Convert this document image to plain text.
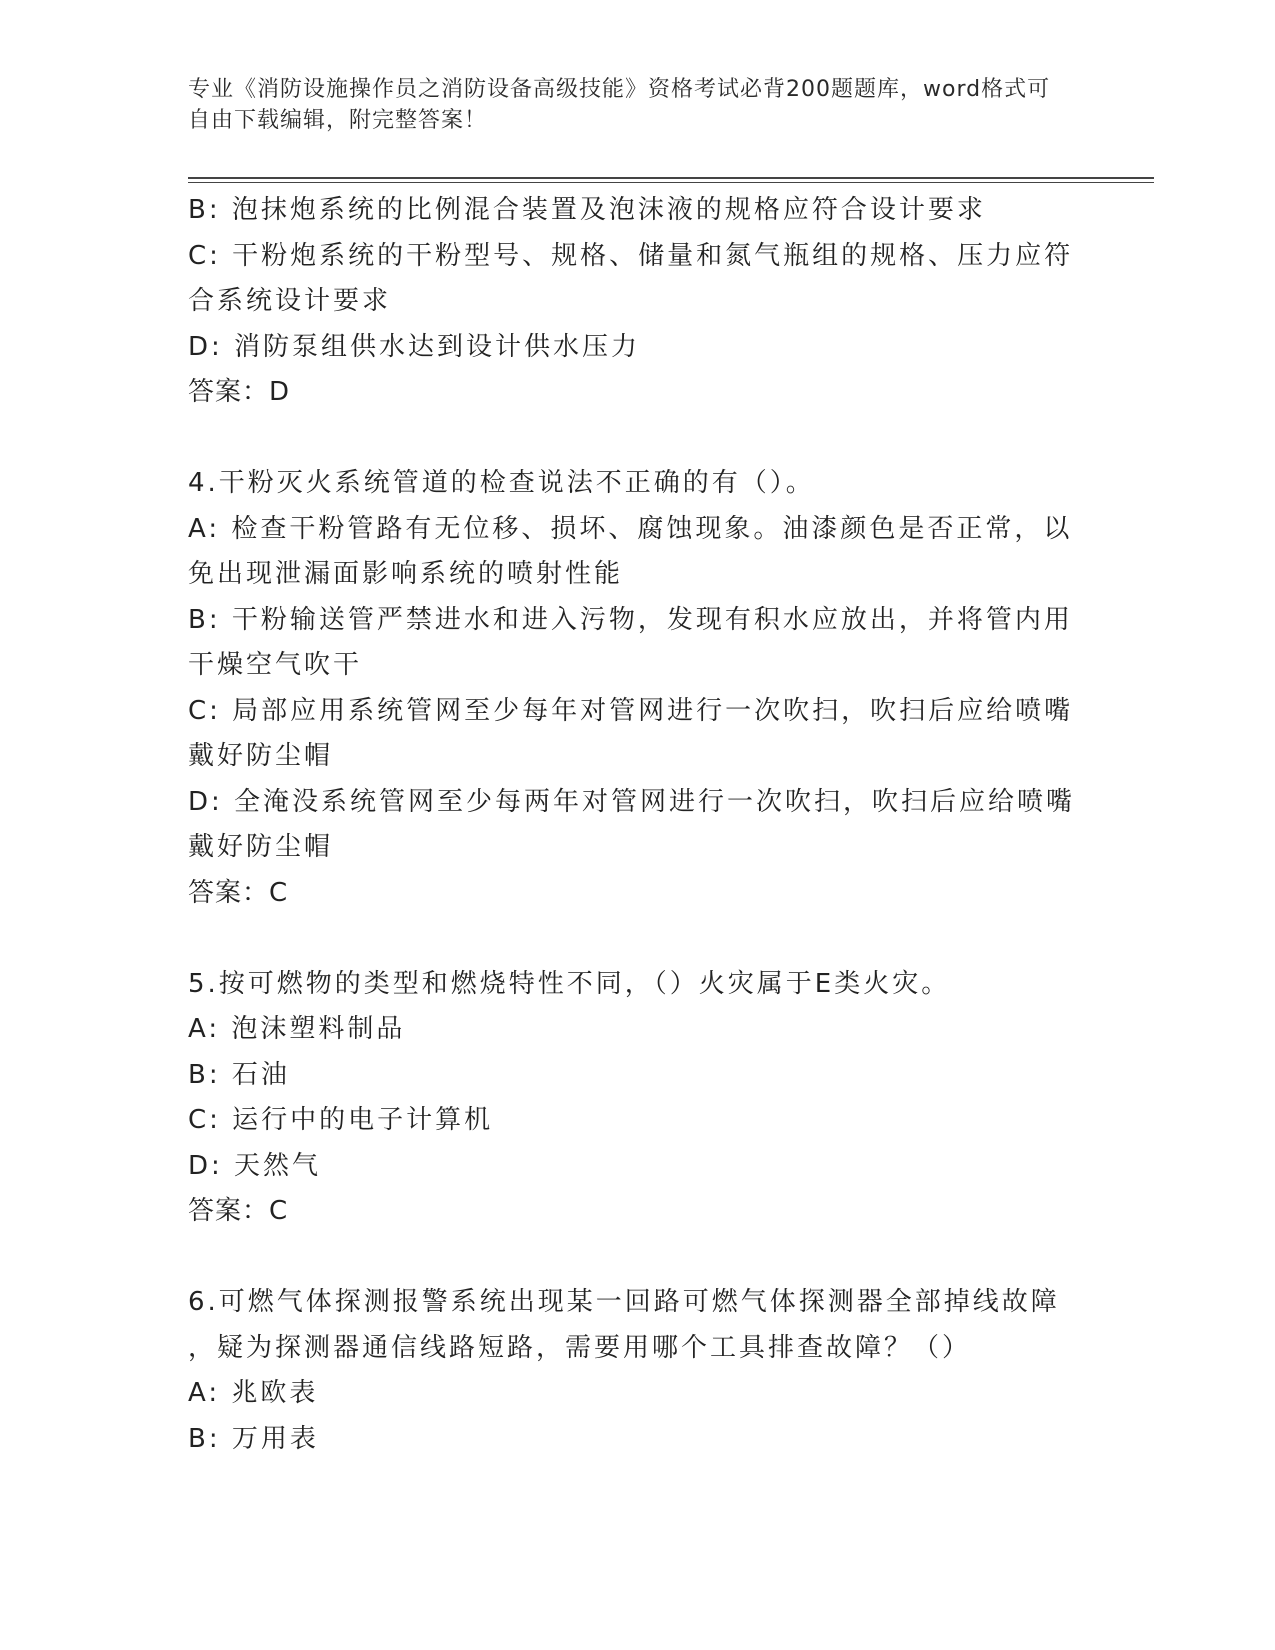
专业《消防设施操作员之消防设备高级技能》资格考试必背200题题库，word格式可自由下载编辑，附完整答案！
B: 泡抹炮系统的比例混合装置及泡沫液的规格应符合设计要求
C: 干粉炮系统的干粉型号、规格、储量和氮气瓶组的规格、压力应符
合系统设计要求
D: 消防泵组供水达到设计供水压力
答案：D
4.干粉灭火系统管道的检查说法不正确的有（）。
A: 检查干粉管路有无位移、损坏、腐蚀现象。油漆颜色是否正常，以
免出现泄漏面影响系统的喷射性能
B: 干粉输送管严禁进水和进入污物，发现有积水应放出，并将管内用
干燥空气吹干
C: 局部应用系统管网至少每年对管网进行一次吹扫，吹扫后应给喷嘴
戴好防尘帽
D: 全淹没系统管网至少每两年对管网进行一次吹扫，吹扫后应给喷嘴
戴好防尘帽
答案：C
5.按可燃物的类型和燃烧特性不同，（）火灾属于E类火灾。
A: 泡沫塑料制品
B: 石油
C: 运行中的电子计算机
D: 天然气
答案：C
6.可燃气体探测报警系统出现某一回路可燃气体探测器全部掉线故障
，疑为探测器通信线路短路，需要用哪个工具排查故障？（）
A: 兆欧表
B: 万用表
